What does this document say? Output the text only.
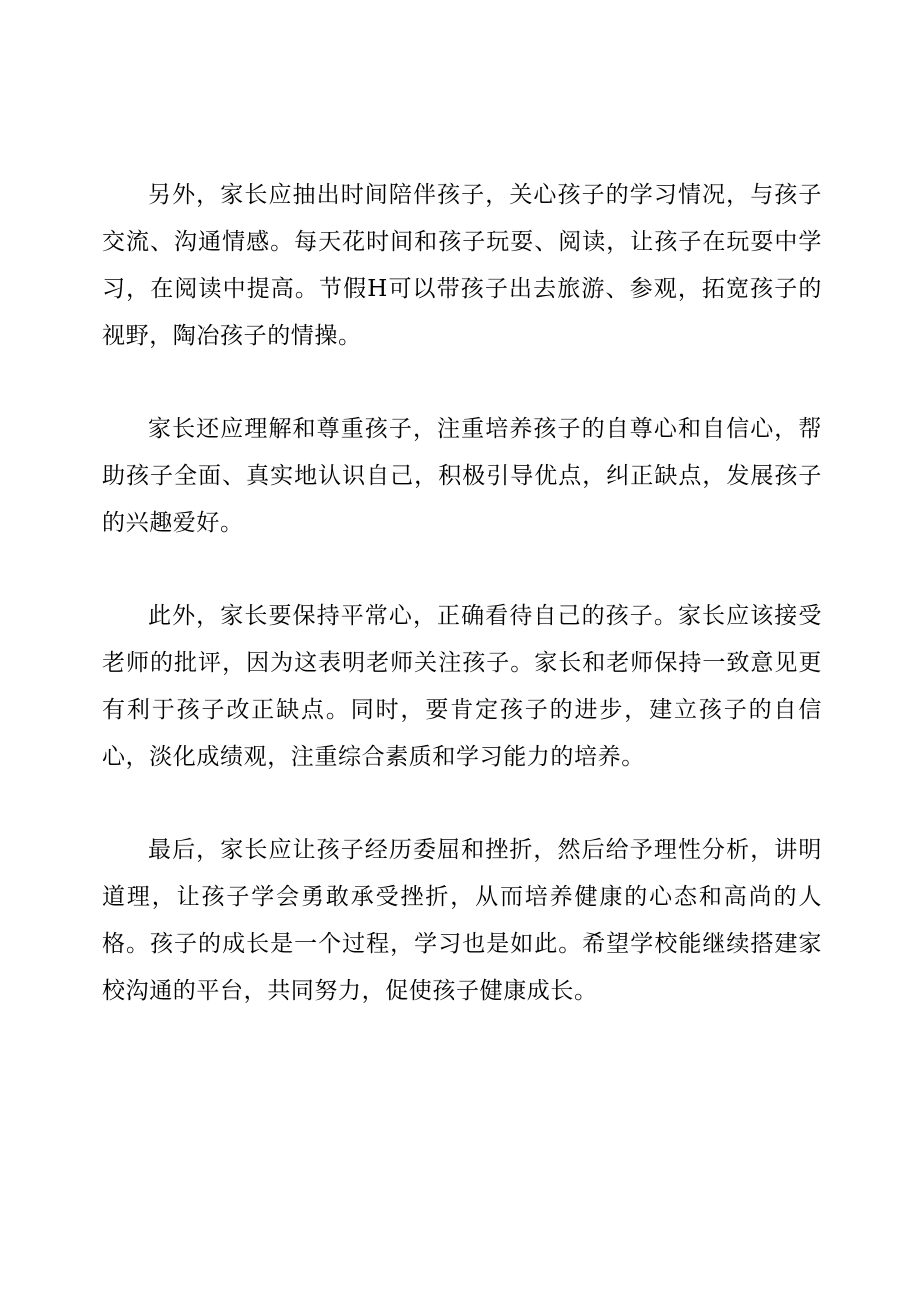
另外，家长应抽出时间陪伴孩子，关心孩子的学习情况，与孩子交流、沟通情感。每天花时间和孩子玩耍、阅读，让孩子在玩耍中学习，在阅读中提高。节假H可以带孩子出去旅游、参观，拓宽孩子的视野，陶冶孩子的情操。

家长还应理解和尊重孩子，注重培养孩子的自尊心和自信心，帮助孩子全面、真实地认识自己，积极引导优点，纠正缺点，发展孩子的兴趣爱好。

此外，家长要保持平常心，正确看待自己的孩子。家长应该接受老师的批评，因为这表明老师关注孩子。家长和老师保持一致意见更有利于孩子改正缺点。同时，要肯定孩子的进步，建立孩子的自信心，淡化成绩观，注重综合素质和学习能力的培养。

最后，家长应让孩子经历委屈和挫折，然后给予理性分析，讲明道理，让孩子学会勇敢承受挫折，从而培养健康的心态和高尚的人格。孩子的成长是一个过程，学习也是如此。希望学校能继续搭建家校沟通的平台，共同努力，促使孩子健康成长。
